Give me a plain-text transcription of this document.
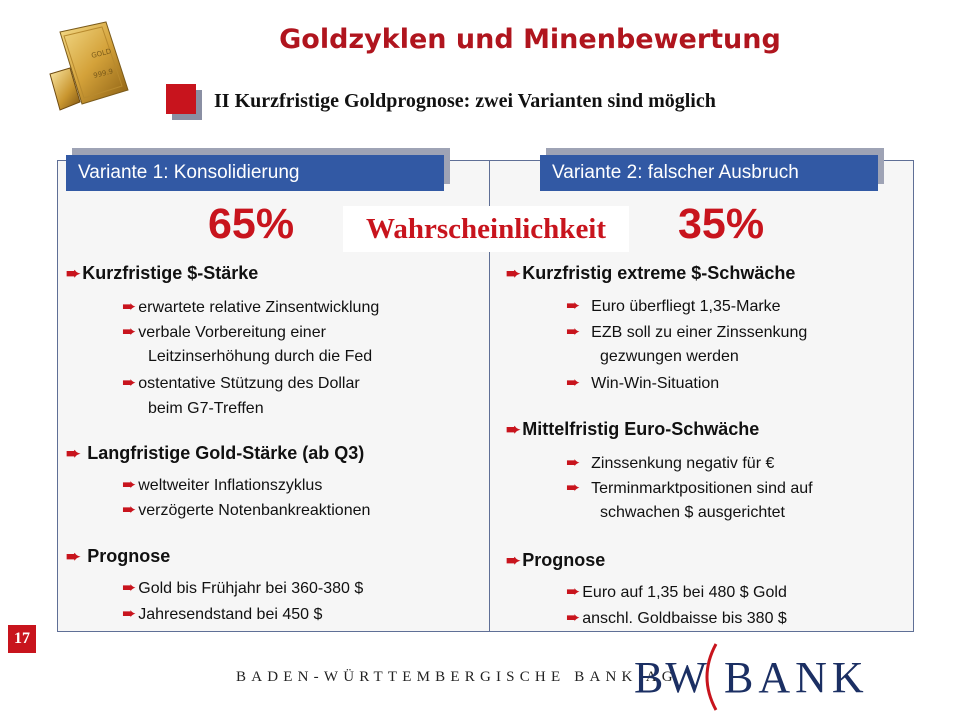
GOLD
999.9
Goldzyklen und Minenbewertung
II Kurzfristige Goldprognose: zwei Varianten sind möglich
Variante 1: Konsolidierung	Variante 2: falscher Ausbruch
65%	Wahrscheinlichkeit	35%
➨ Kurzfristige $-Stärke
➨ erwartete relative Zinsentwicklung
➨ verbale Vorbereitung einer
Leitzinserhöhung durch die Fed
➨ ostentative Stützung des Dollar
beim G7-Treffen
➨ Langfristige Gold-Stärke (ab Q3)
➨ weltweiter Inflationszyklus
➨ verzögerte Notenbankreaktionen
➨ Prognose
➨ Gold bis Frühjahr bei 360-380 $
➨ Jahresendstand bei 450 $
➨ Kurzfristig extreme $-Schwäche
➨ Euro überfliegt 1,35-Marke
➨ EZB soll zu einer Zinssenkung
gezwungen werden
➨ Win-Win-Situation
➨ Mittelfristig Euro-Schwäche
➨ Zinssenkung negativ für €
➨ Terminmarktpositionen sind auf
schwachen $ ausgerichtet
➨ Prognose
➨ Euro auf 1,35 bei 480 $ Gold
➨ anschl. Goldbaisse bis 380 $
17
BADEN-WÜRTTEMBERGISCHE BANK AG
BW BANK
